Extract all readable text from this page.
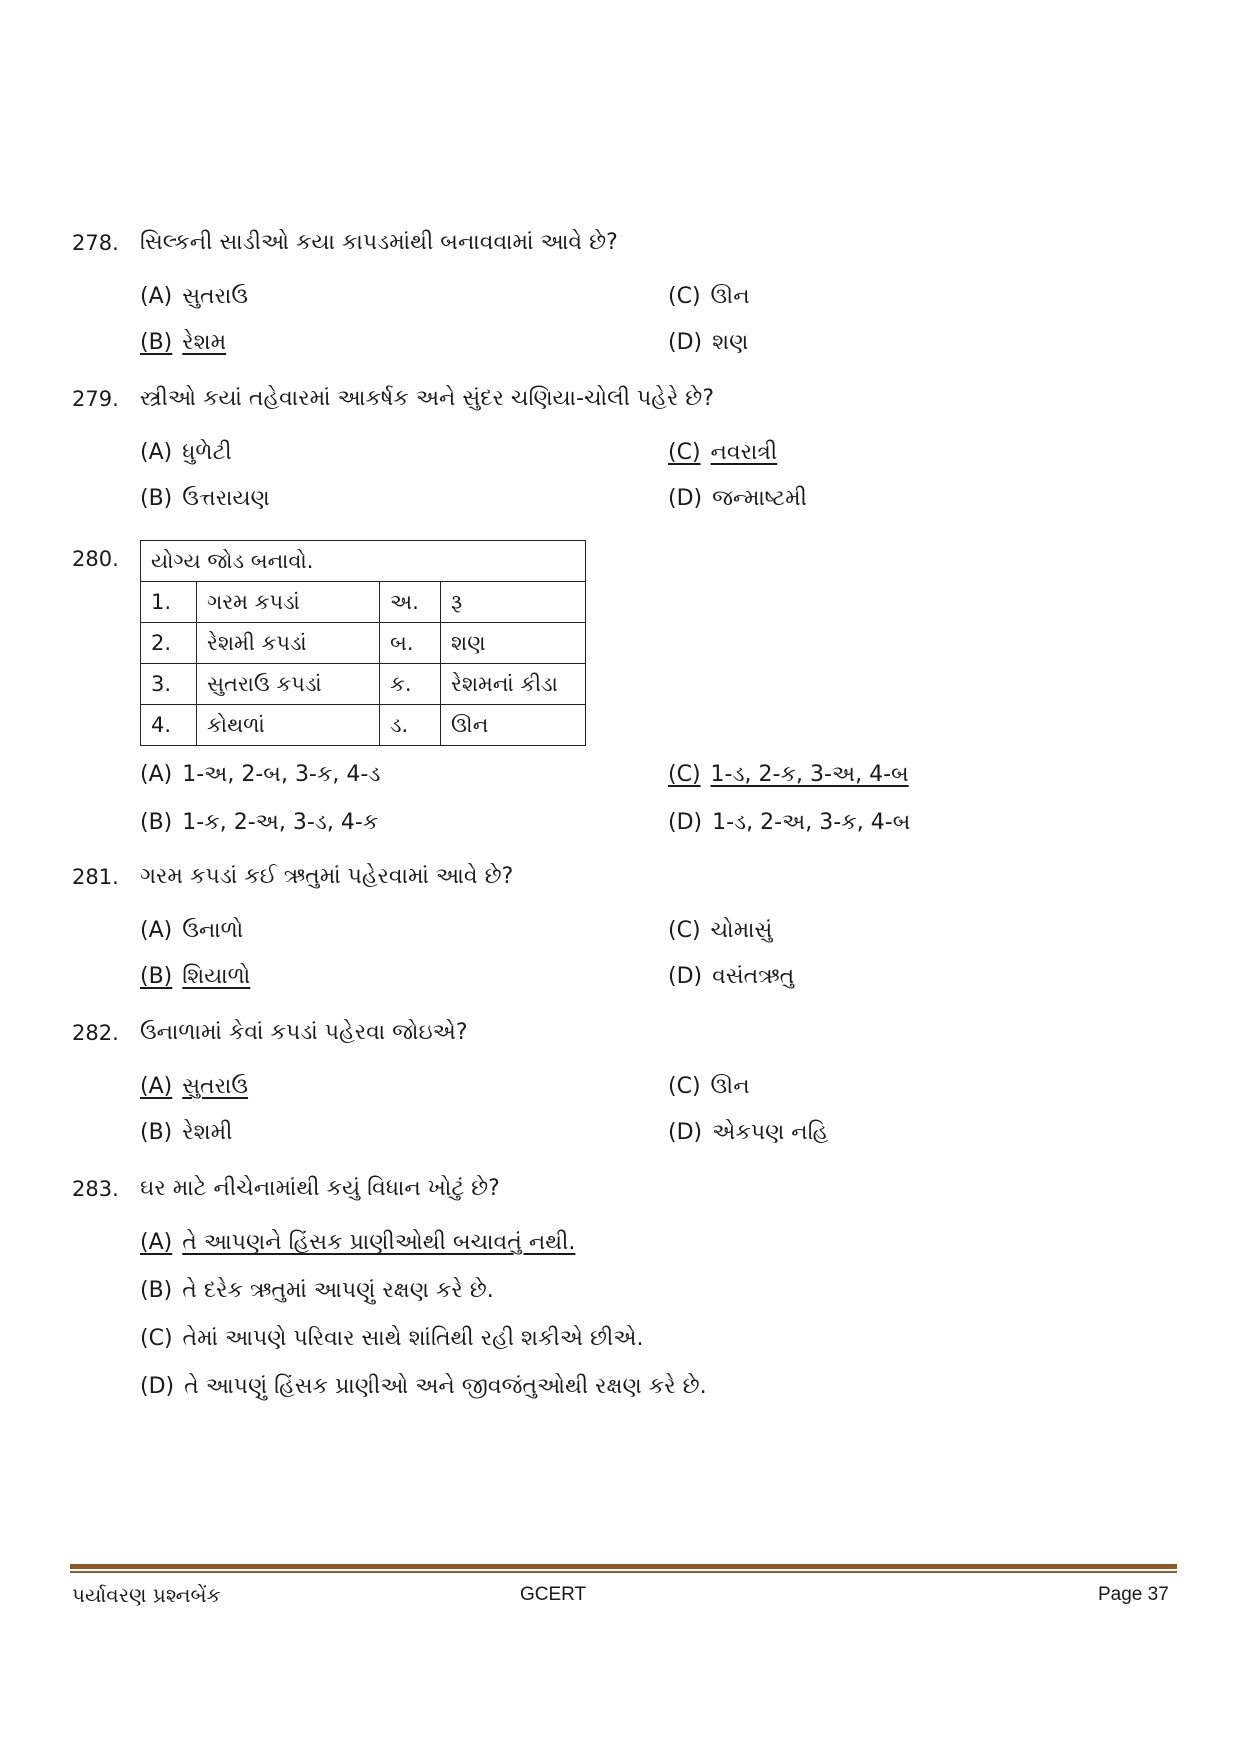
278. સિલ્કની સાડીઓ કયા કાપડમાંથી બનાવવામાં આવે છે?
(A) સુતરાઉ	(C) ઊન
(B) રેશમ	(D) શણ
279. સ્ત્રીઓ કયાં તહેવારમાં આકર્ષક અને સુંદર ચણિયા-ચોલી પહેરે છે?
(A) ધુળેટી	(C) નવરાત્રી
(B) ઉત્તરાયણ	(D) જન્માષ્ટમી
280. યોગ્ય જોડ બનાવો.			
1.	ગરમ કપડાં	અ.	રૂ
2.	રેશમી કપડાં	બ.	શણ
3.	સુતરાઉ કપડાં	ક.	રેશમનાં કીડા
4.	કોથળાં	ડ.	ઊન
(A) 1-અ, 2-બ, 3-ક, 4-ડ	(C) 1-ડ, 2-ક, 3-અ, 4-બ
(B) 1-ક, 2-અ, 3-ડ, 4-ક	(D) 1-ડ, 2-અ, 3-ક, 4-બ
281. ગરમ કપડાં કઈ ઋતુમાં પહેરવામાં આવે છે?
(A) ઉનાળો	(C) ચોમાસું
(B) શિયાળો	(D) વસંતઋતુ
282. ઉનાળામાં કેવાં કપડાં પહેરવા જોઇએ?
(A) સુતરાઉ	(C) ઊન
(B) રેશમી	(D) એકપણ નહિ
283. ઘર માટે નીચેનામાંથી કયું વિધાન ખોટું છે?
(A) તે આપણને હિંસક પ્રાણીઓથી બચાવતું નથી.
(B) તે દરેક ઋતુમાં આપણું રક્ષણ કરે છે.
(C) તેમાં આપણે પરિવાર સાથે શાંતિથી રહી શકીએ છીએ.
(D) તે આપણું હિંસક પ્રાણીઓ અને જીવજંતુઓથી રક્ષણ કરે છે.
પર્યાવરણ પ્રશ્નબેંક	GCERT	Page 37
